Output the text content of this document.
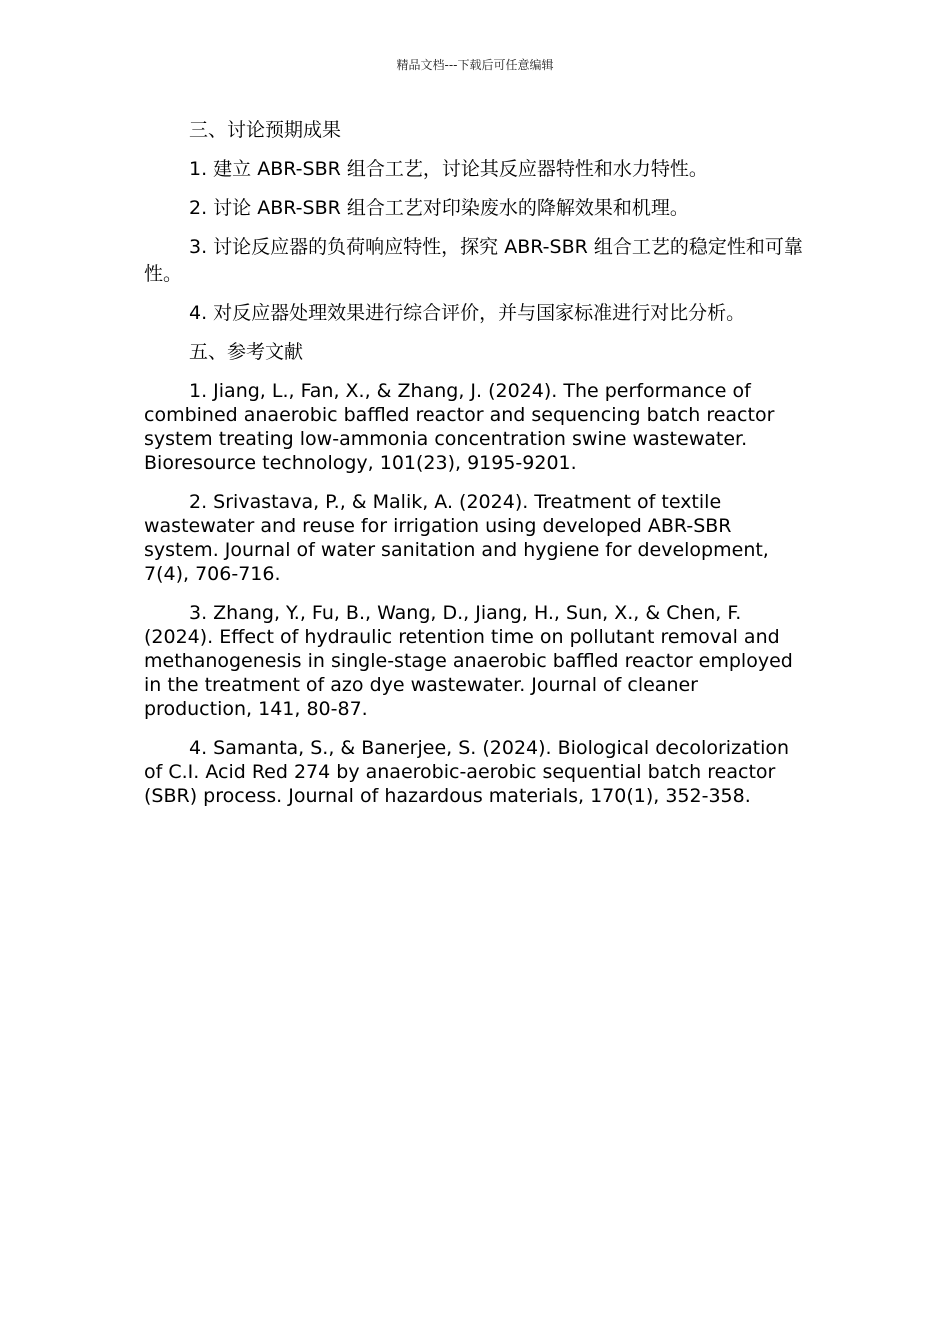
精品文档---下载后可任意编辑

三、讨论预期成果

1. 建立 ABR-SBR 组合工艺，讨论其反应器特性和水力特性。

2. 讨论 ABR-SBR 组合工艺对印染废水的降解效果和机理。

3. 讨论反应器的负荷响应特性，探究 ABR-SBR 组合工艺的稳定性和可靠性。

4. 对反应器处理效果进行综合评价，并与国家标准进行对比分析。

五、参考文献

1. Jiang, L., Fan, X., & Zhang, J. (2024). The performance of combined anaerobic baffled reactor and sequencing batch reactor system treating low-ammonia concentration swine wastewater. Bioresource technology, 101(23), 9195-9201.

2. Srivastava, P., & Malik, A. (2024). Treatment of textile wastewater and reuse for irrigation using developed ABR-SBR system. Journal of water sanitation and hygiene for development, 7(4), 706-716.

3. Zhang, Y., Fu, B., Wang, D., Jiang, H., Sun, X., & Chen, F. (2024). Effect of hydraulic retention time on pollutant removal and methanogenesis in single-stage anaerobic baffled reactor employed in the treatment of azo dye wastewater. Journal of cleaner production, 141, 80-87.

4. Samanta, S., & Banerjee, S. (2024). Biological decolorization of C.I. Acid Red 274 by anaerobic-aerobic sequential batch reactor (SBR) process. Journal of hazardous materials, 170(1), 352-358.
